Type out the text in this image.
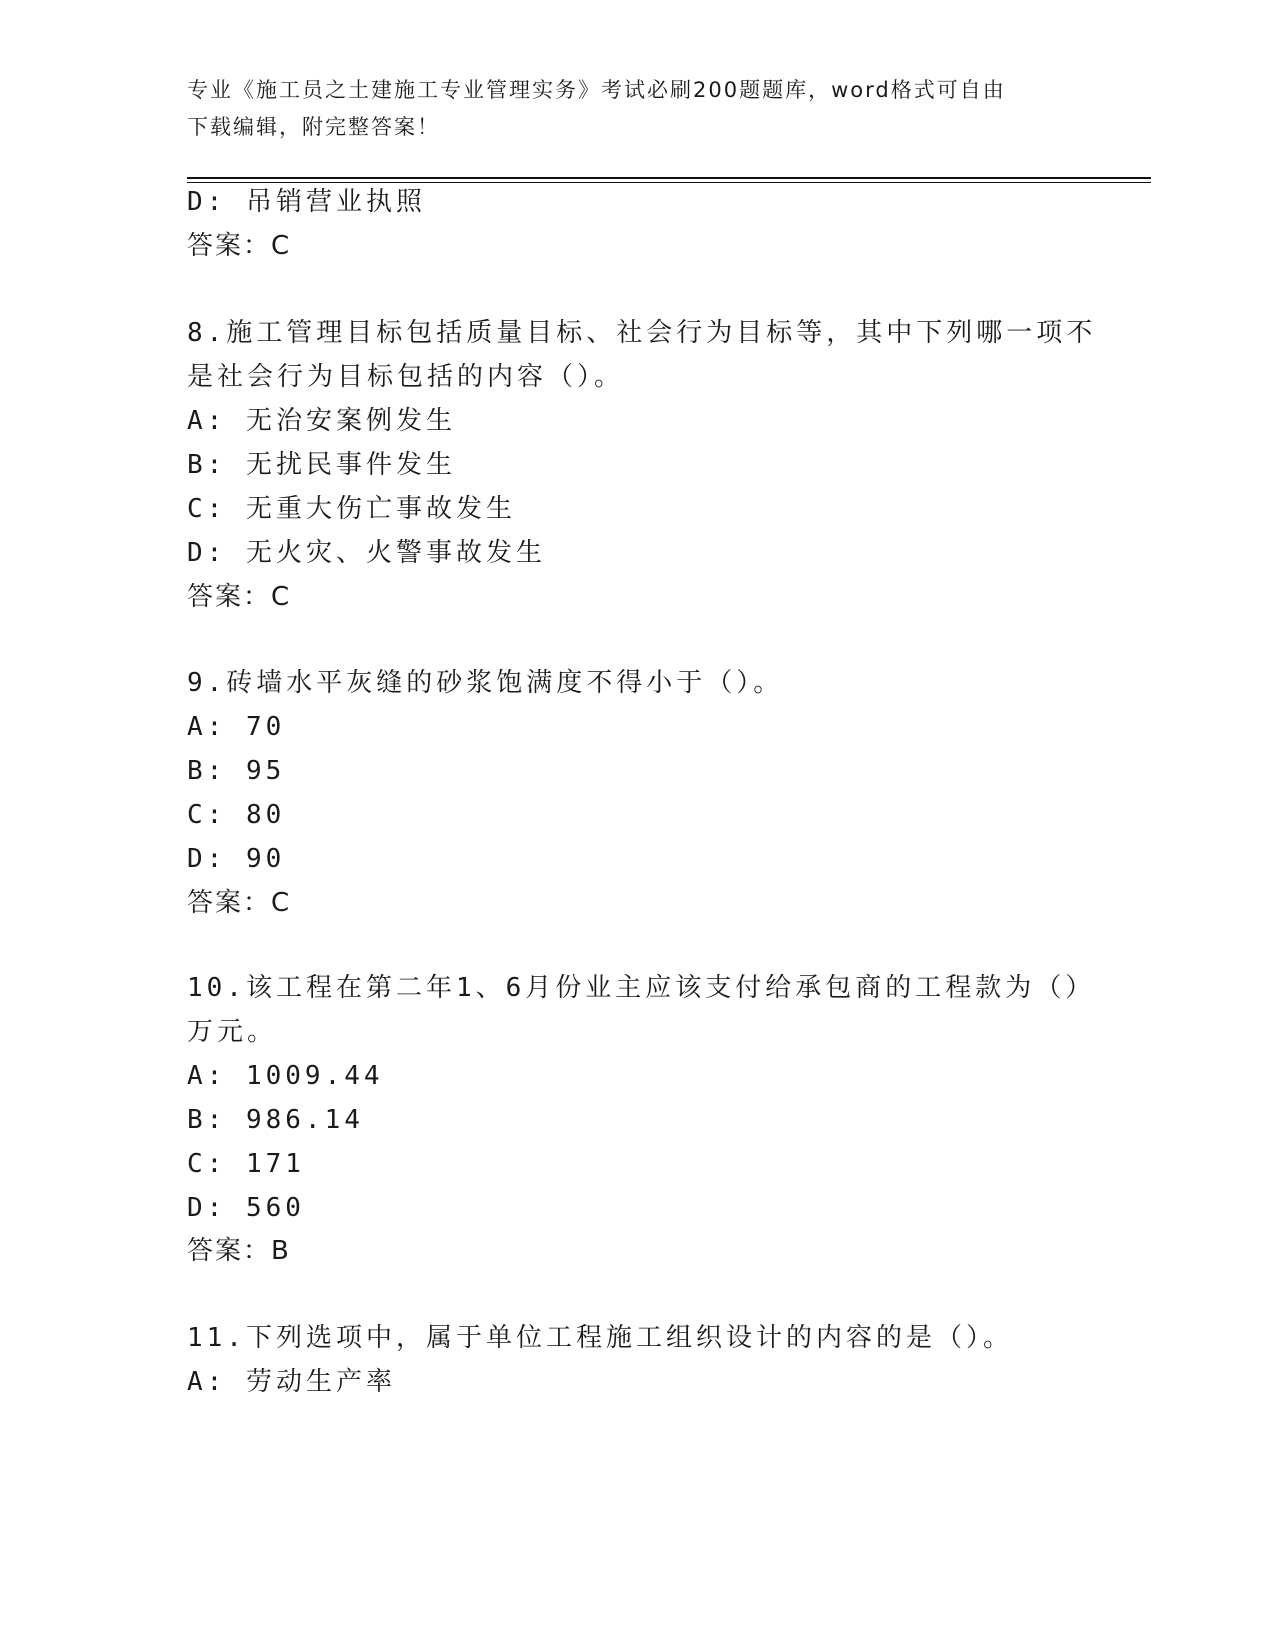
专业《施工员之土建施工专业管理实务》考试必刷200题题库，word格式可自由
下载编辑，附完整答案！
D: 吊销营业执照
答案：C
8.施工管理目标包括质量目标、社会行为目标等，其中下列哪一项不
是社会行为目标包括的内容（）。
A: 无治安案例发生
B: 无扰民事件发生
C: 无重大伤亡事故发生
D: 无火灾、火警事故发生
答案：C
9.砖墙水平灰缝的砂浆饱满度不得小于（）。
A: 70
B: 95
C: 80
D: 90
答案：C
10.该工程在第二年1、6月份业主应该支付给承包商的工程款为（）
万元。
A: 1009.44
B: 986.14
C: 171
D: 560
答案：B
11.下列选项中，属于单位工程施工组织设计的内容的是（）。
A: 劳动生产率
